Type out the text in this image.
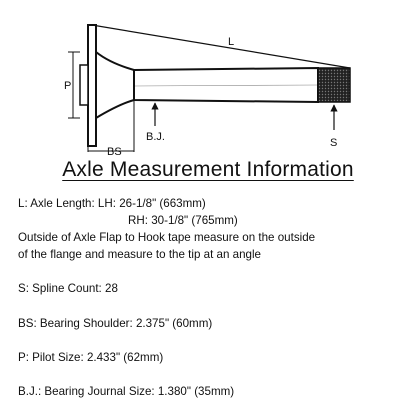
L
P
BS
B.J.	S
Axle Measurement Information
L: Axle Length: LH: 26-1/8" (663mm)
RH: 30-1/8" (765mm)
Outside of Axle Flap to Hook tape measure on the outside
of the flange and measure to the tip at an angle
S: Spline Count: 28
BS: Bearing Shoulder: 2.375" (60mm)
P: Pilot Size: 2.433" (62mm)
B.J.: Bearing Journal Size: 1.380" (35mm)
